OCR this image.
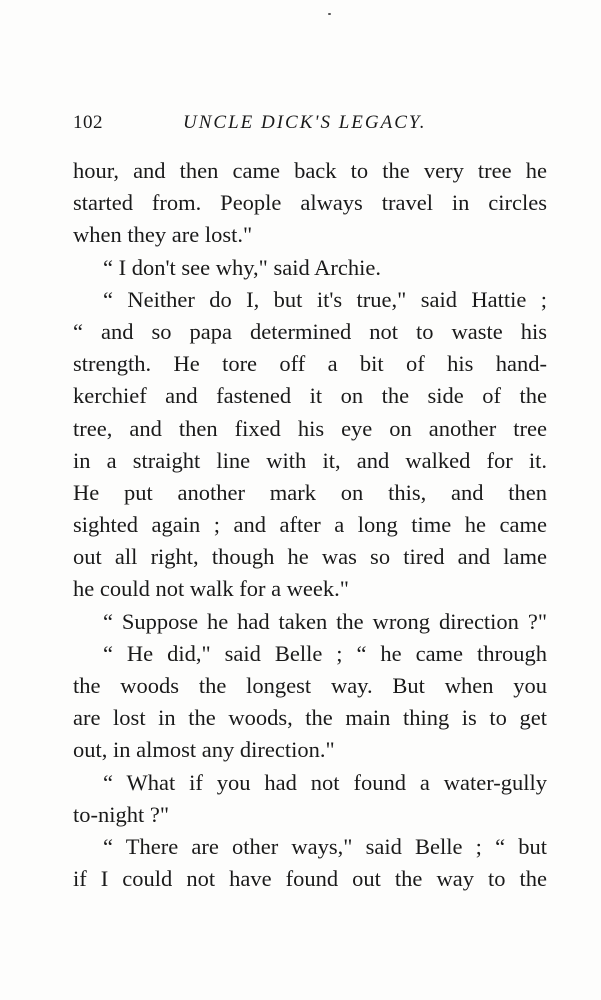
102	UNCLE DICK'S LEGACY.
hour, and then came back to the very tree he
started from. People always travel in circles
when they are lost."
“ I don't see why," said Archie.
“ Neither do I, but it's true," said Hattie ;
“ and so papa determined not to waste his
strength. He tore off a bit of his hand-
kerchief and fastened it on the side of the
tree, and then fixed his eye on another tree
in a straight line with it, and walked for it.
He put another mark on this, and then
sighted again ; and after a long time he came
out all right, though he was so tired and lame
he could not walk for a week."
“ Suppose he had taken the wrong direction ?"
“ He did," said Belle ; “ he came through
the woods the longest way. But when you
are lost in the woods, the main thing is to get
out, in almost any direction."
“ What if you had not found a water-gully
to-night ?"
“ There are other ways," said Belle ; “ but
if I could not have found out the way to the
